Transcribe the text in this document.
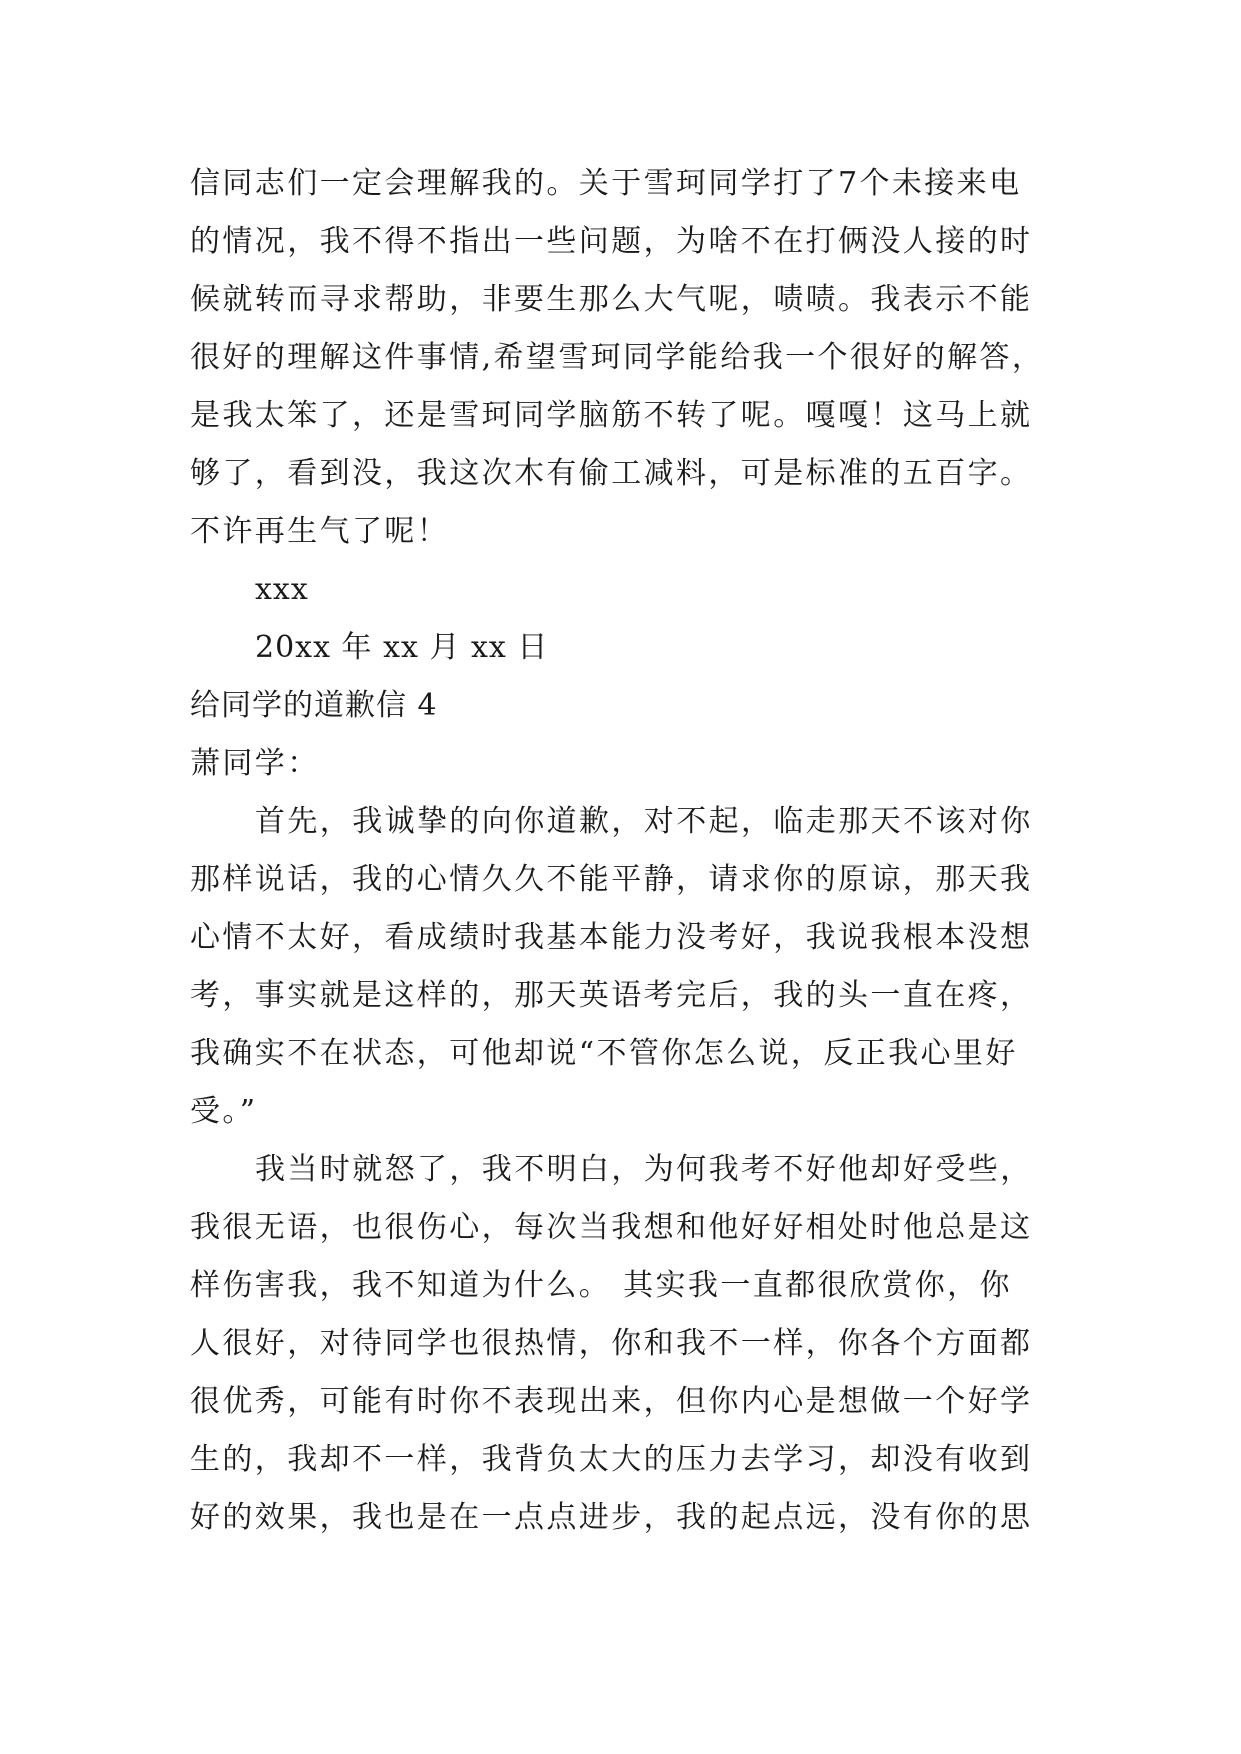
信同志们一定会理解我的。关于雪珂同学打了7个未接来电
的情况，我不得不指出一些问题，为啥不在打俩没人接的时
候就转而寻求帮助，非要生那么大气呢，啧啧。我表示不能
很好的理解这件事情,希望雪珂同学能给我一个很好的解答，
是我太笨了，还是雪珂同学脑筋不转了呢。嘎嘎！这马上就
够了，看到没，我这次木有偷工减料，可是标准的五百字。
不许再生气了呢！
xxx
20xx 年 xx 月 xx 日
给同学的道歉信 4
萧同学：
首先，我诚挚的向你道歉，对不起，临走那天不该对你
那样说话，我的心情久久不能平静，请求你的原谅，那天我
心情不太好，看成绩时我基本能力没考好，我说我根本没想
考，事实就是这样的，那天英语考完后，我的头一直在疼，
我确实不在状态，可他却说“不管你怎么说，反正我心里好
受。”
我当时就怒了，我不明白，为何我考不好他却好受些，
我很无语，也很伤心，每次当我想和他好好相处时他总是这
样伤害我，我不知道为什么。 其实我一直都很欣赏你，你
人很好，对待同学也很热情，你和我不一样，你各个方面都
很优秀，可能有时你不表现出来，但你内心是想做一个好学
生的，我却不一样，我背负太大的压力去学习，却没有收到
好的效果，我也是在一点点进步，我的起点远，没有你的思
